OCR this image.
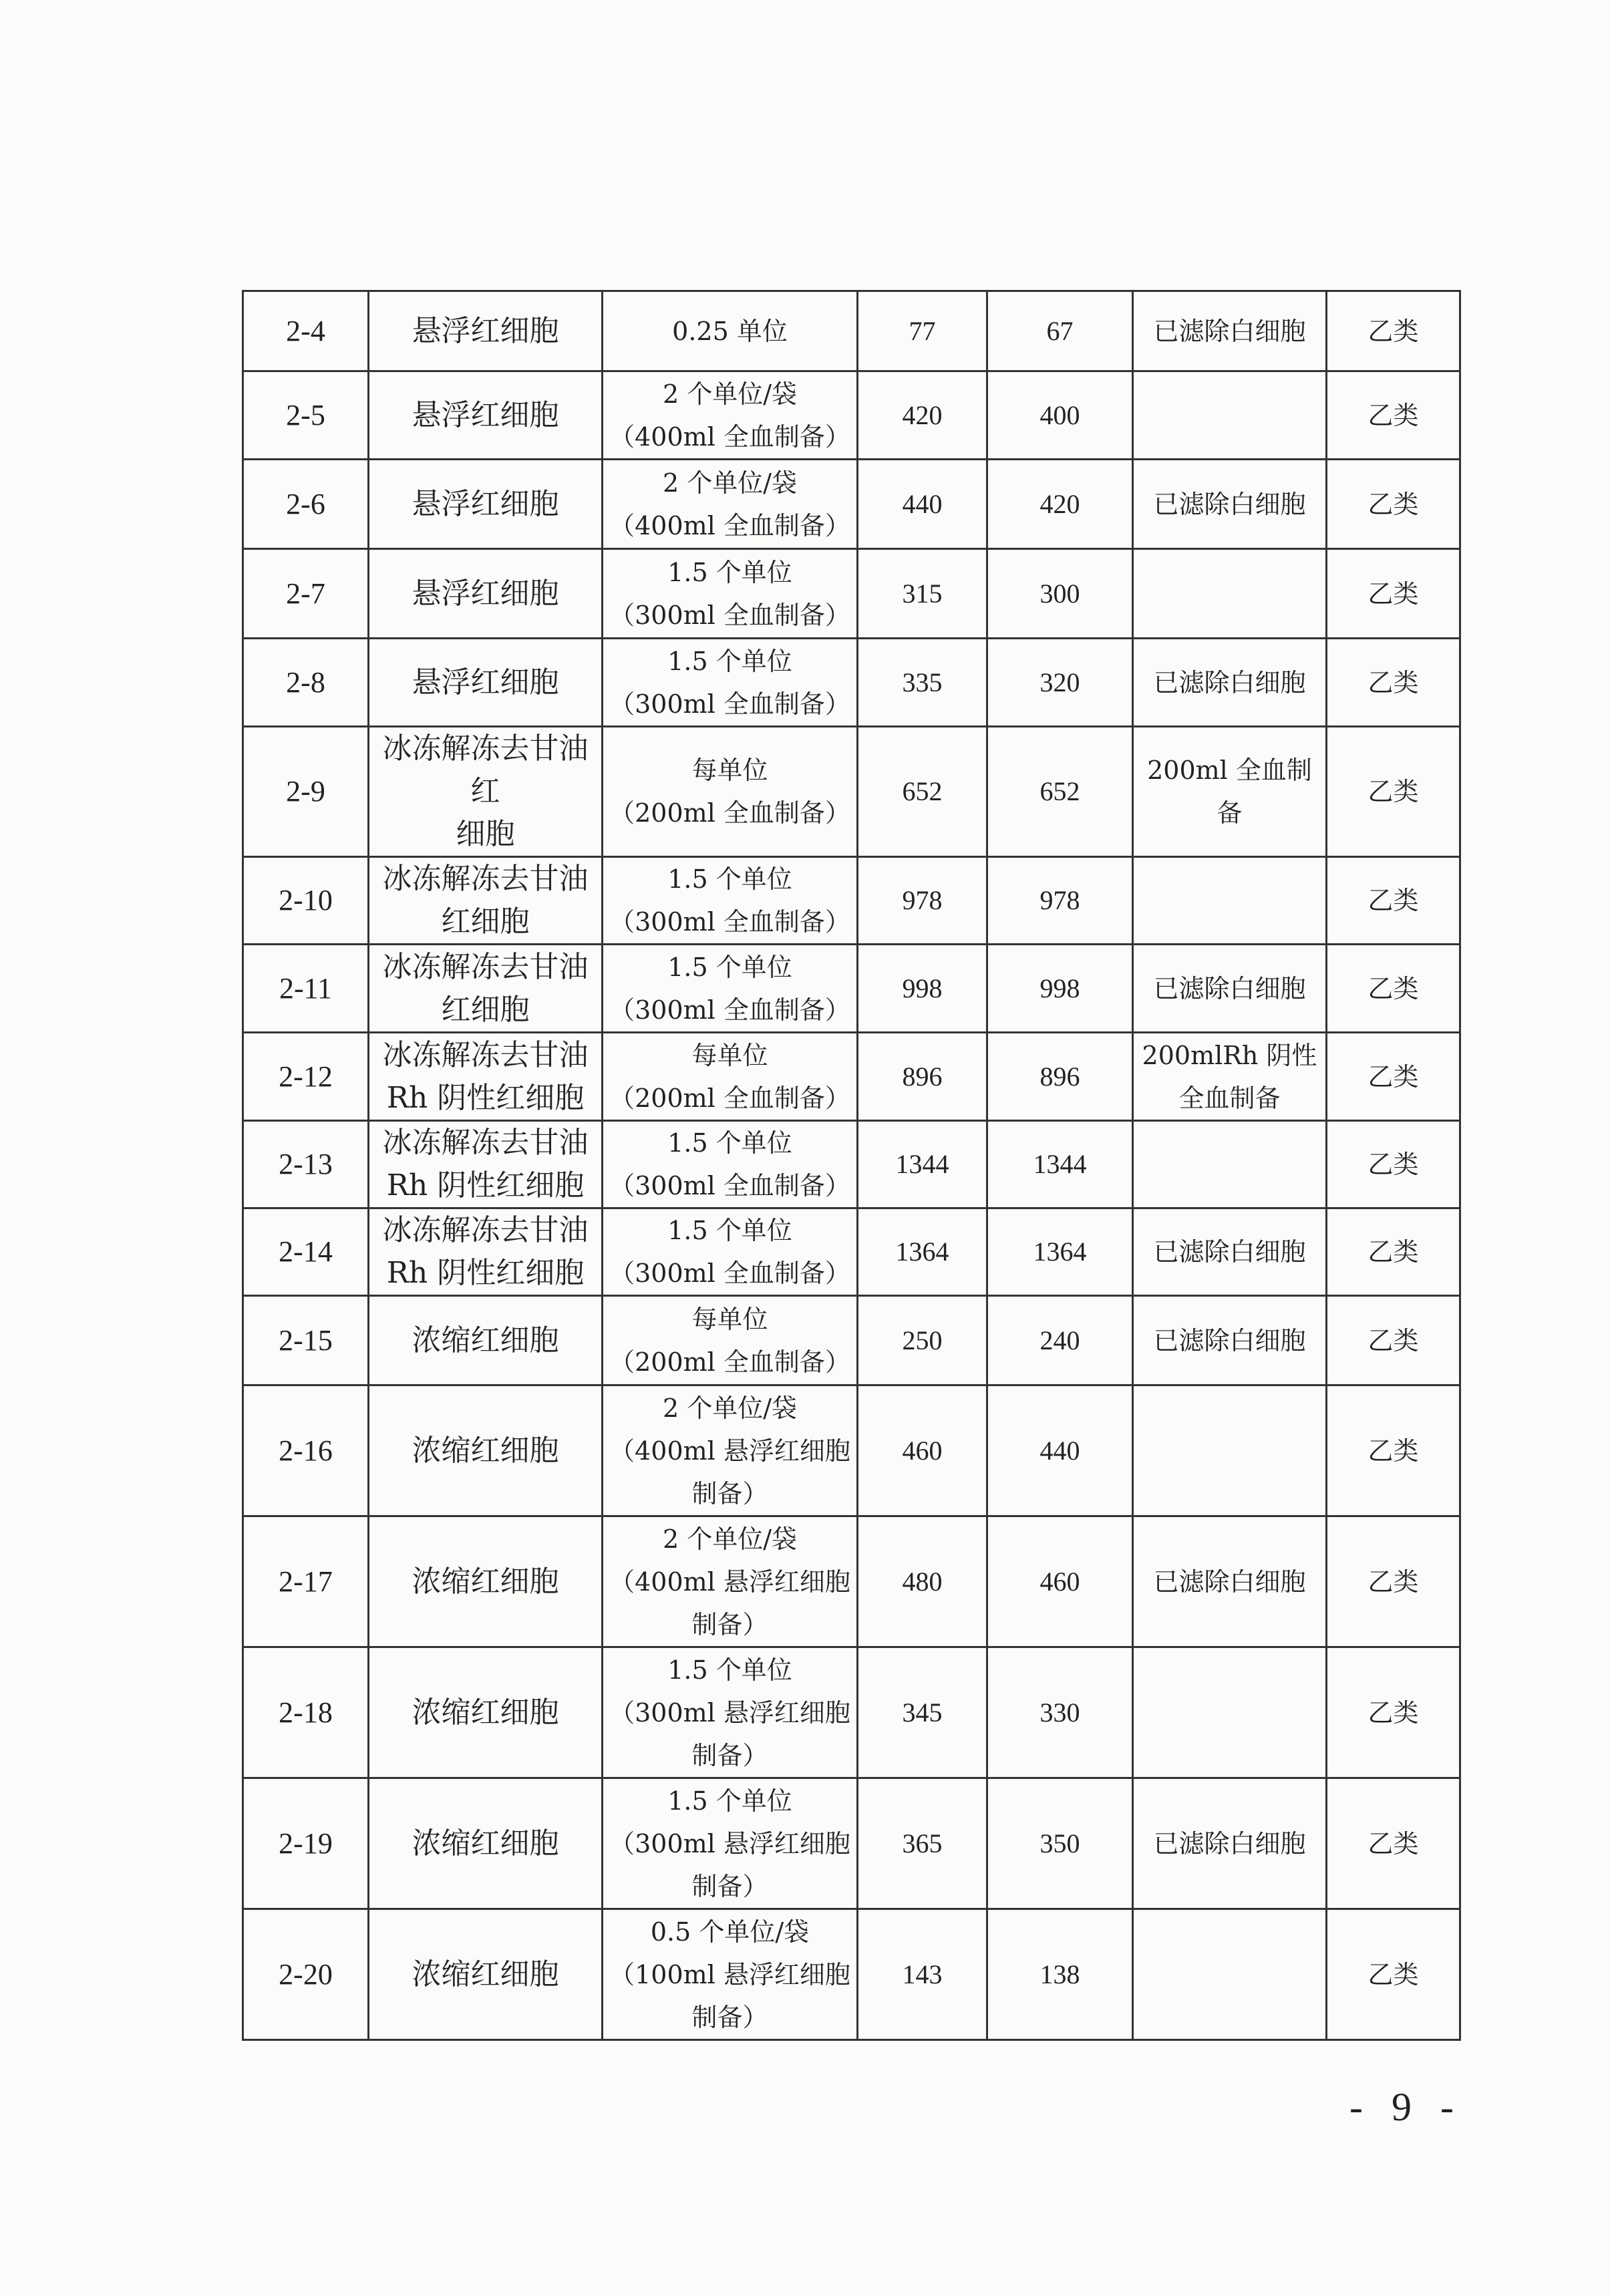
2-4	悬浮红细胞	0.25 单位	77	67	已滤除白细胞	乙类
2-5	悬浮红细胞	2 个单位/袋
（400ml 全血制备）	420	400		乙类
2-6	悬浮红细胞	2 个单位/袋
（400ml 全血制备）	440	420	已滤除白细胞	乙类
2-7	悬浮红细胞	1.5 个单位
（300ml 全血制备）	315	300		乙类
2-8	悬浮红细胞	1.5 个单位
（300ml 全血制备）	335	320	已滤除白细胞	乙类
2-9	冰冻解冻去甘油红
细胞	每单位
（200ml 全血制备）	652	652	200ml 全血制备	乙类
2-10	冰冻解冻去甘油
红细胞	1.5 个单位
（300ml 全血制备）	978	978		乙类
2-11	冰冻解冻去甘油
红细胞	1.5 个单位
（300ml 全血制备）	998	998	已滤除白细胞	乙类
2-12	冰冻解冻去甘油
Rh 阴性红细胞	每单位
（200ml 全血制备）	896	896	200mlRh 阴性
全血制备	乙类
2-13	冰冻解冻去甘油
Rh 阴性红细胞	1.5 个单位
（300ml 全血制备）	1344	1344		乙类
2-14	冰冻解冻去甘油
Rh 阴性红细胞	1.5 个单位
（300ml 全血制备）	1364	1364	已滤除白细胞	乙类
2-15	浓缩红细胞	每单位
（200ml 全血制备）	250	240	已滤除白细胞	乙类
2-16	浓缩红细胞	2 个单位/袋
（400ml 悬浮红细胞
制备）	460	440		乙类
2-17	浓缩红细胞	2 个单位/袋
（400ml 悬浮红细胞
制备）	480	460	已滤除白细胞	乙类
2-18	浓缩红细胞	1.5 个单位
（300ml 悬浮红细胞
制备）	345	330		乙类
2-19	浓缩红细胞	1.5 个单位
（300ml 悬浮红细胞
制备）	365	350	已滤除白细胞	乙类
2-20	浓缩红细胞	0.5 个单位/袋
（100ml 悬浮红细胞
制备）	143	138		乙类
- 9 -
